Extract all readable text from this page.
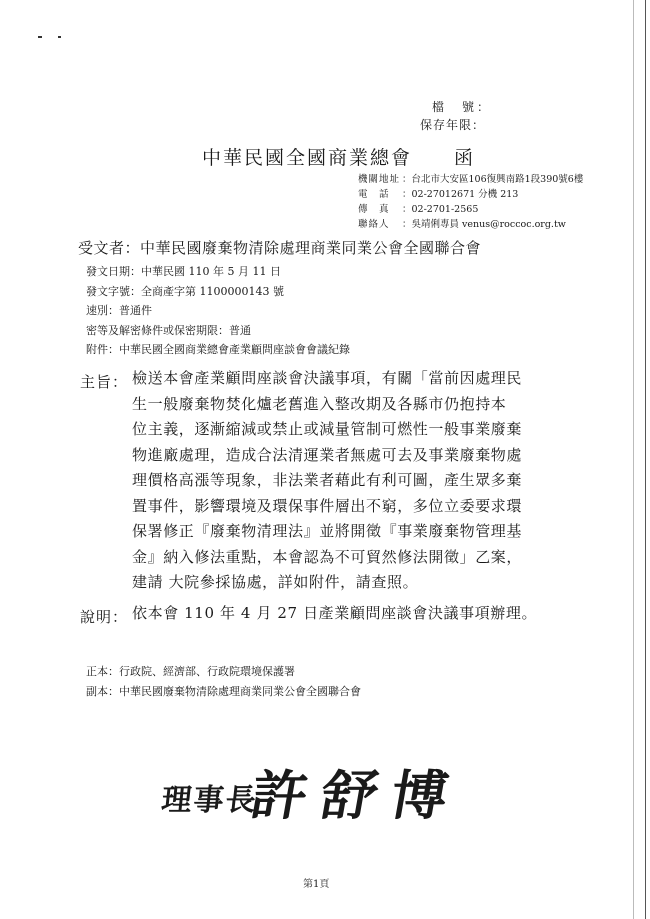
檔　號：
保存年限：
中華民國全國商業總會　　函
機關地址 ：台北市大安區106復興南路1段390號6樓
電　話 ：02-27012671 分機 213
傳　真 ：02-2701-2565
聯絡人 ：吳靖俐專員 venus@roccoc.org.tw
受文者：中華民國廢棄物清除處理商業同業公會全國聯合會
發文日期：中華民國 110 年 5 月 11 日
發文字號：全商產字第 1100000143 號
速別：普通件
密等及解密條件或保密期限：普通
附件：中華民國全國商業總會產業顧問座談會會議紀錄
主旨： 檢送本會產業顧問座談會決議事項，有關「當前因處理民
生一般廢棄物焚化爐老舊進入整改期及各縣市仍抱持本
位主義，逐漸縮減或禁止或減量管制可燃性一般事業廢棄
物進廠處理，造成合法清運業者無處可去及事業廢棄物處
理價格高漲等現象，非法業者藉此有利可圖，產生眾多棄
置事件，影響環境及環保事件層出不窮，多位立委要求環
保署修正『廢棄物清理法』並將開徵『事業廢棄物管理基
金』納入修法重點，本會認為不可貿然修法開徵」乙案，
建請 大院參採協處，詳如附件，請查照。
說明： 依本會 110 年 4 月 27 日產業顧問座談會決議事項辦理。
正本：行政院、經濟部、行政院環境保護署
副本：中華民國廢棄物清除處理商業同業公會全國聯合會
理事長
許舒博
第1頁
